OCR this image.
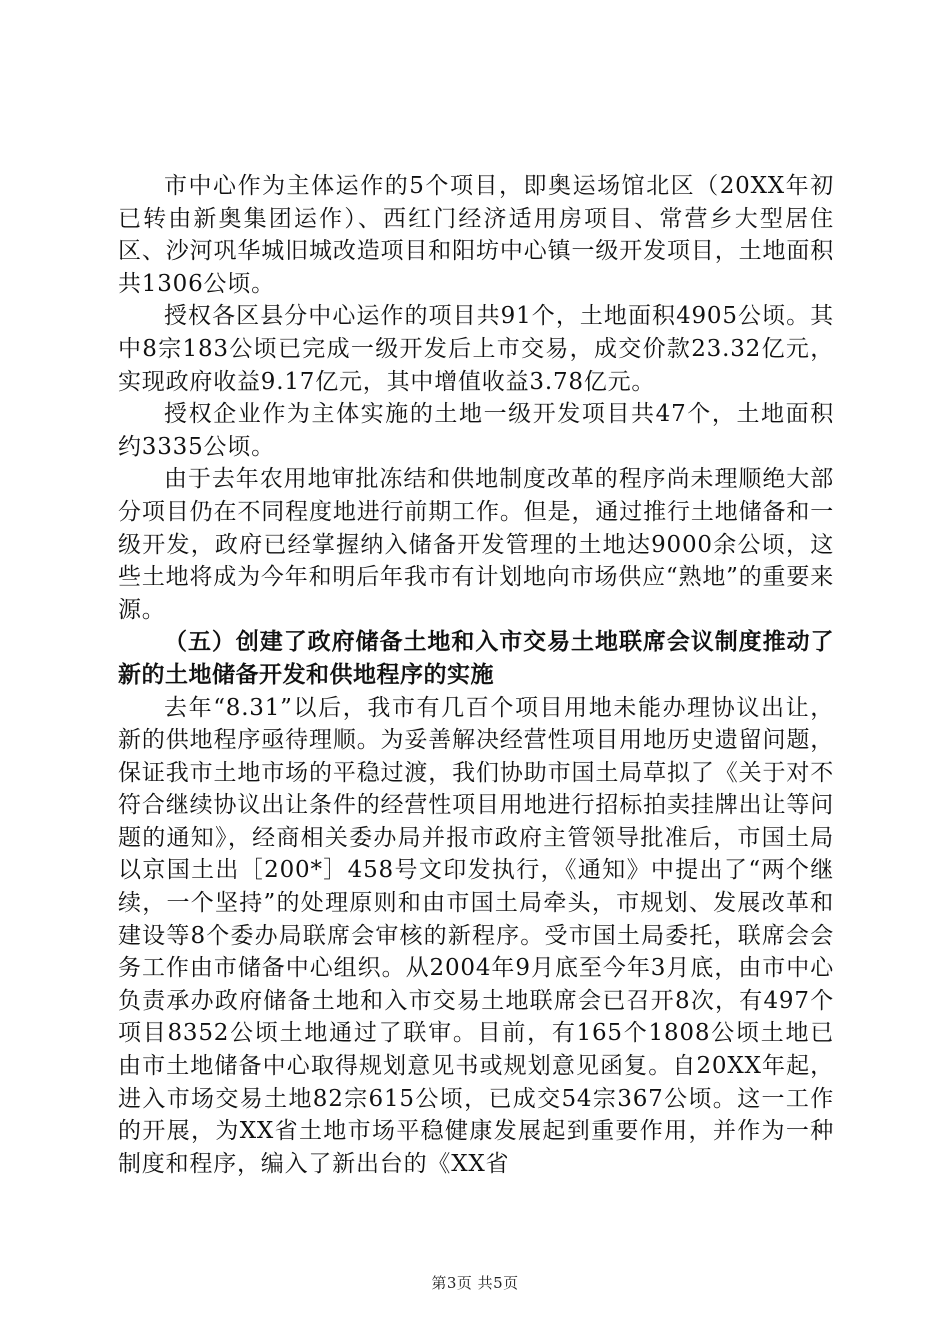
市中心作为主体运作的5个项目，即奥运场馆北区（20XX年初已转由新奥集团运作）、西红门经济适用房项目、常营乡大型居住区、沙河巩华城旧城改造项目和阳坊中心镇一级开发项目，土地面积共1306公顷。

授权各区县分中心运作的项目共91个，土地面积4905公顷。其中8宗183公顷已完成一级开发后上市交易，成交价款23.32亿元，实现政府收益9.17亿元，其中增值收益3.78亿元。

授权企业作为主体实施的土地一级开发项目共47个，土地面积约3335公顷。

由于去年农用地审批冻结和供地制度改革的程序尚未理顺绝大部分项目仍在不同程度地进行前期工作。但是，通过推行土地储备和一级开发，政府已经掌握纳入储备开发管理的土地达9000余公顷，这些土地将成为今年和明后年我市有计划地向市场供应“熟地”的重要来源。

（五）创建了政府储备土地和入市交易土地联席会议制度推动了新的土地储备开发和供地程序的实施

去年“8.31”以后，我市有几百个项目用地未能办理协议出让，新的供地程序亟待理顺。为妥善解决经营性项目用地历史遗留问题，保证我市土地市场的平稳过渡，我们协助市国土局草拟了《关于对不符合继续协议出让条件的经营性项目用地进行招标拍卖挂牌出让等问题的通知》，经商相关委办局并报市政府主管领导批准后，市国土局以京国土出［200*］458号文印发执行，《通知》中提出了“两个继续，一个坚持”的处理原则和由市国土局牵头，市规划、发展改革和建设等8个委办局联席会审核的新程序。受市国土局委托，联席会会务工作由市储备中心组织。从2004年9月底至今年3月底，由市中心负责承办政府储备土地和入市交易土地联席会已召开8次，有497个项目8352公顷土地通过了联审。目前，有165个1808公顷土地已由市土地储备中心取得规划意见书或规划意见函复。自20XX年起，进入市场交易土地82宗615公顷，已成交54宗367公顷。这一工作的开展，为XX省土地市场平稳健康发展起到重要作用，并作为一种制度和程序，编入了新出台的《XX省

第3页 共5页
